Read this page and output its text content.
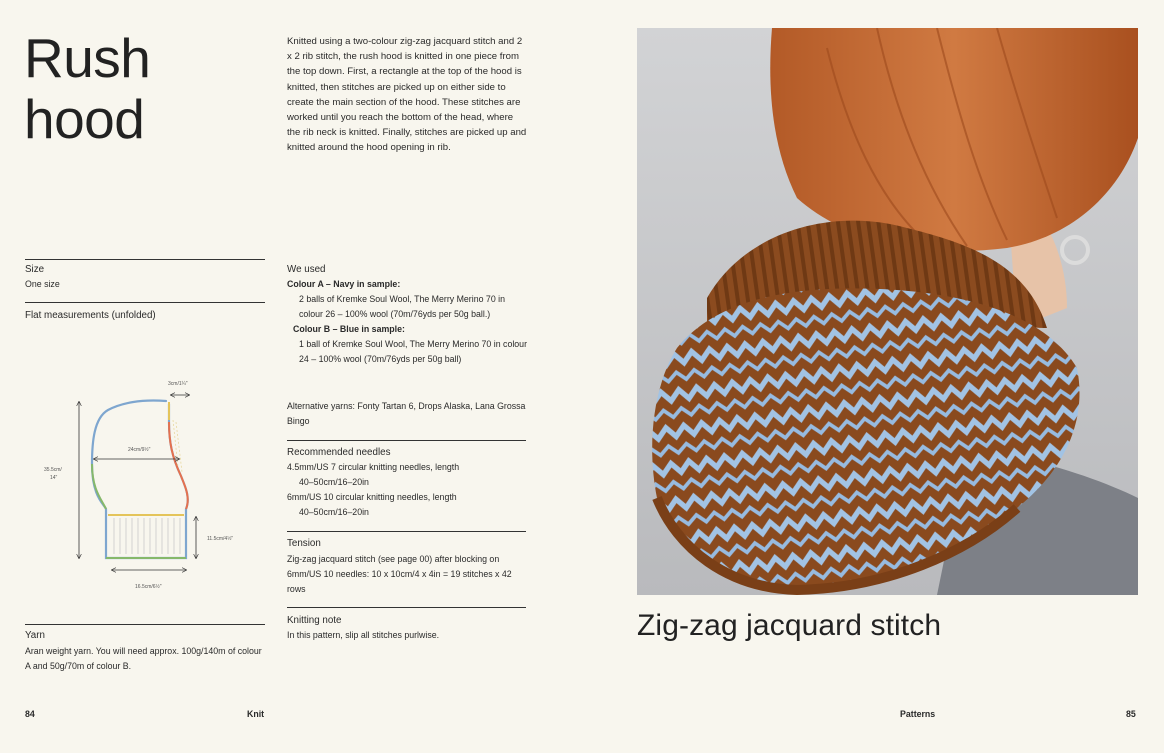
Rush
hood
Knitted using a two-colour zig-zag jacquard stitch and 2 x 2 rib stitch, the rush hood is knitted in one piece from the top down. First, a rectangle at the top of the hood is knitted, then stitches are picked up on either side to create the main section of the hood. These stitches are worked until you reach the bottom of the head, where the rib neck is knitted. Finally, stitches are picked up and knitted around the hood opening in rib.
Size
One size
Flat measurements (unfolded)
3cm/1¼"
24cm/9½"
35.5cm/
14"
11.5cm/4½"
16.5cm/6½"
Yarn
Aran weight yarn. You will need approx. 100g/140m of colour A and 50g/70m of colour B.
We used
Colour A – Navy in sample:
2 balls of Kremke Soul Wool, The Merry Merino 70 in colour 26 – 100% wool (70m/76yds per 50g ball.)
Colour B – Blue in sample:
1 ball of Kremke Soul Wool, The Merry Merino 70 in colour 24 – 100% wool (70m/76yds per 50g ball)
Alternative yarns: Fonty Tartan 6, Drops Alaska, Lana Grossa Bingo
Recommended needles
4.5mm/US 7 circular knitting needles, length
40–50cm/16–20in
6mm/US 10 circular knitting needles, length
40–50cm/16–20in
Tension
Zig-zag jacquard stitch (see page 00) after blocking on 6mm/US 10 needles: 10 x 10cm/4 x 4in = 19 stitches x 42 rows
Knitting note
In this pattern, slip all stitches purlwise.	Zig-zag jacquard stitch
84	Knit	Patterns	85
